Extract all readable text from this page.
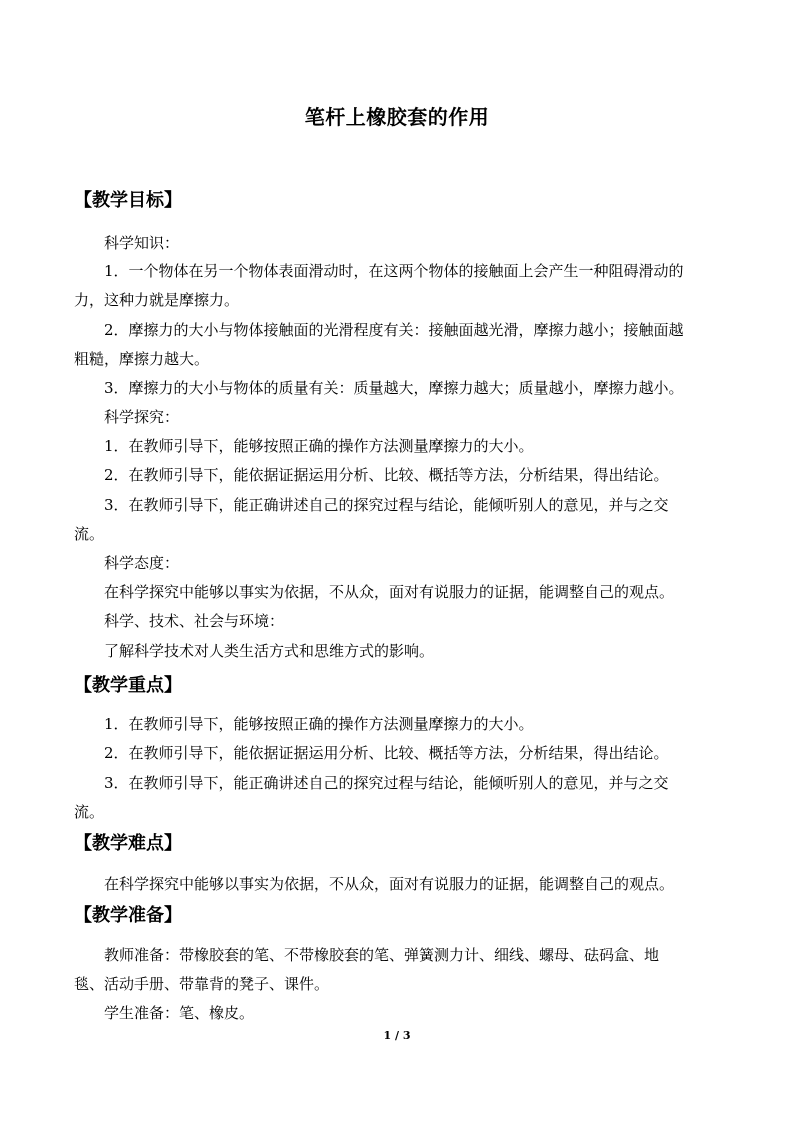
笔杆上橡胶套的作用
【教学目标】
科学知识：
1．一个物体在另一个物体表面滑动时，在这两个物体的接触面上会产生一种阻碍滑动的
力，这种力就是摩擦力。
2．摩擦力的大小与物体接触面的光滑程度有关：接触面越光滑，摩擦力越小；接触面越
粗糙，摩擦力越大。
3．摩擦力的大小与物体的质量有关：质量越大，摩擦力越大；质量越小，摩擦力越小。
科学探究：
1．在教师引导下，能够按照正确的操作方法测量摩擦力的大小。
2．在教师引导下，能依据证据运用分析、比较、概括等方法，分析结果，得出结论。
3．在教师引导下，能正确讲述自己的探究过程与结论，能倾听别人的意见，并与之交
流。
科学态度：
在科学探究中能够以事实为依据，不从众，面对有说服力的证据，能调整自己的观点。
科学、技术、社会与环境：
了解科学技术对人类生活方式和思维方式的影响。
【教学重点】
1．在教师引导下，能够按照正确的操作方法测量摩擦力的大小。
2．在教师引导下，能依据证据运用分析、比较、概括等方法，分析结果，得出结论。
3．在教师引导下，能正确讲述自己的探究过程与结论，能倾听别人的意见，并与之交
流。
【教学难点】
在科学探究中能够以事实为依据，不从众，面对有说服力的证据，能调整自己的观点。
【教学准备】
教师准备：带橡胶套的笔、不带橡胶套的笔、弹簧测力计、细线、螺母、砝码盒、地
毯、活动手册、带靠背的凳子、课件。
学生准备：笔、橡皮。
1 / 3
